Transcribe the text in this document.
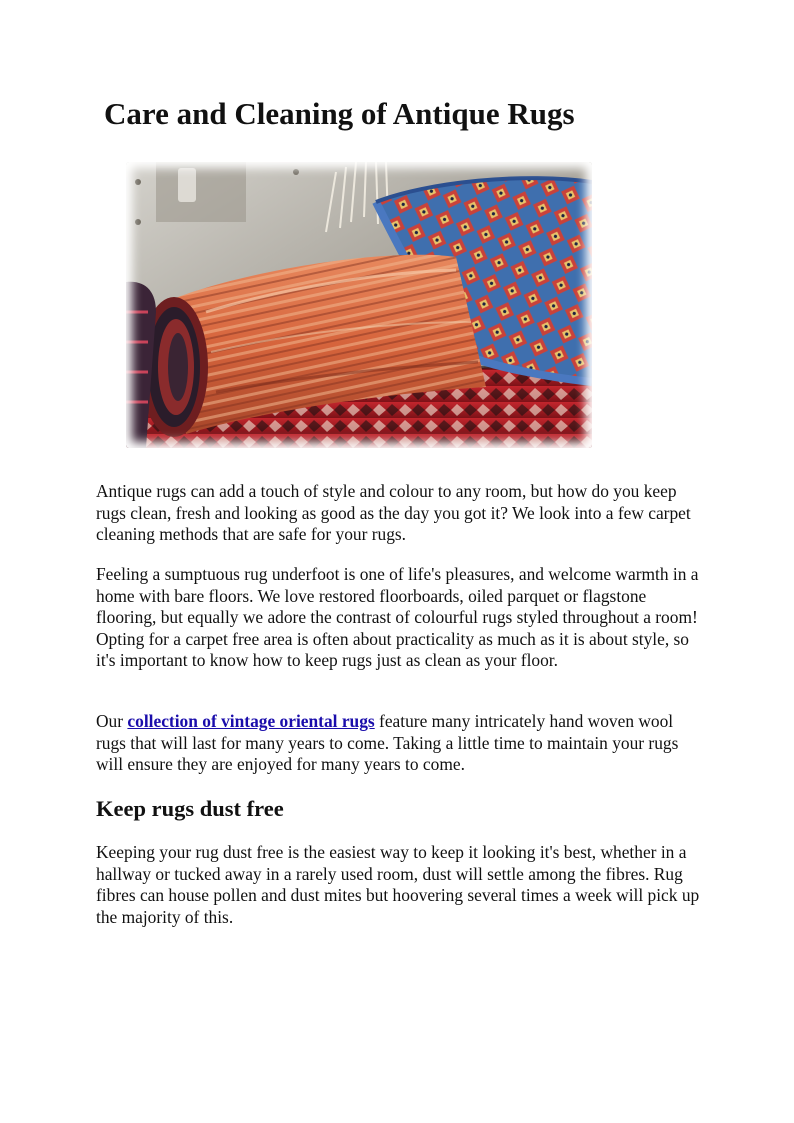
Care and Cleaning of Antique Rugs

Antique rugs can add a touch of style and colour to any room, but how do you keep rugs clean, fresh and looking as good as the day you got it? We look into a few carpet cleaning methods that are safe for your rugs.

Feeling a sumptuous rug underfoot is one of life's pleasures, and welcome warmth in a home with bare floors. We love restored floorboards, oiled parquet or flagstone flooring, but equally we adore the contrast of colourful rugs styled throughout a room! Opting for a carpet free area is often about practicality as much as it is about style, so it's important to know how to keep rugs just as clean as your floor.

Our collection of vintage oriental rugs feature many intricately hand woven wool rugs that will last for many years to come. Taking a little time to maintain your rugs will ensure they are enjoyed for many years to come.

Keep rugs dust free

Keeping your rug dust free is the easiest way to keep it looking it's best, whether in a hallway or tucked away in a rarely used room, dust will settle among the fibres. Rug fibres can house pollen and dust mites but hoovering several times a week will pick up the majority of this.
